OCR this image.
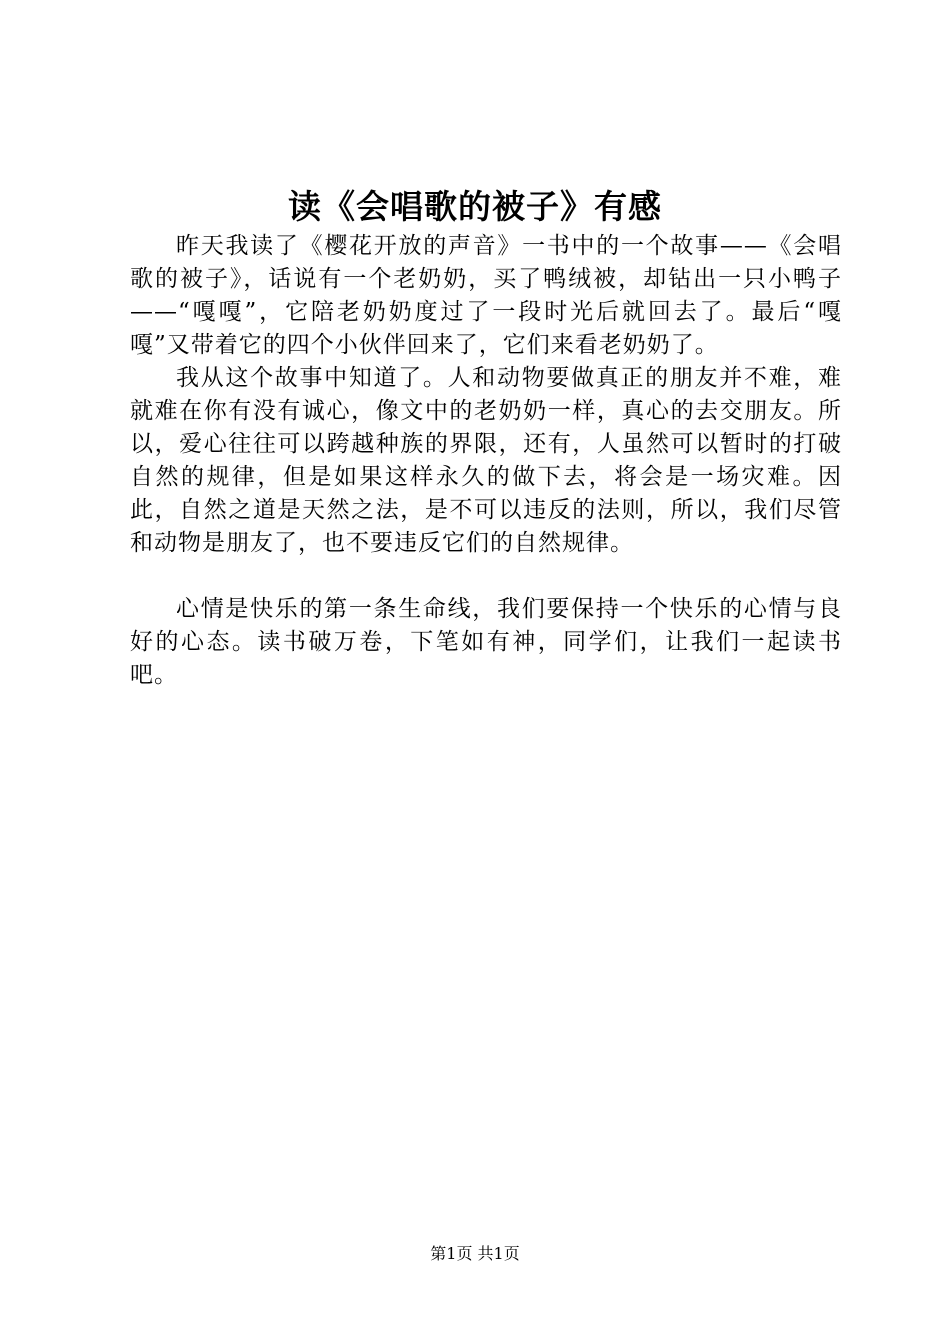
读《会唱歌的被子》有感

昨天我读了《樱花开放的声音》一书中的一个故事——《会唱歌的被子》，话说有一个老奶奶，买了鸭绒被，却钻出一只小鸭子——“嘎嘎”，它陪老奶奶度过了一段时光后就回去了。最后“嘎嘎”又带着它的四个小伙伴回来了，它们来看老奶奶了。

我从这个故事中知道了。人和动物要做真正的朋友并不难，难就难在你有没有诚心，像文中的老奶奶一样，真心的去交朋友。所以，爱心往往可以跨越种族的界限，还有，人虽然可以暂时的打破自然的规律，但是如果这样永久的做下去，将会是一场灾难。因此，自然之道是天然之法，是不可以违反的法则，所以，我们尽管和动物是朋友了，也不要违反它们的自然规律。

心情是快乐的第一条生命线，我们要保持一个快乐的心情与良好的心态。读书破万卷，下笔如有神，同学们，让我们一起读书吧。

第1页 共1页
